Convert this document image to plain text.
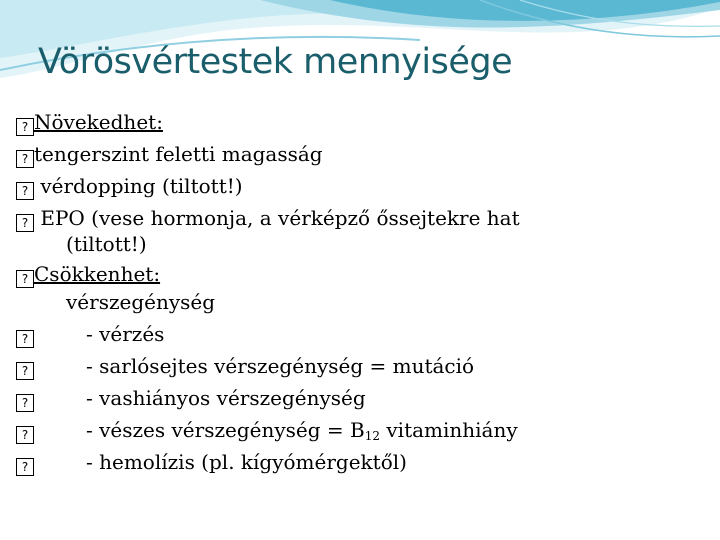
Vörösvértestek mennyisége
? Növekedhet:
? tengerszint feletti magasság
? vérdopping (tiltott!)
? EPO (vese hormonja, a vérképző őssejtekre hat
(tiltott!)
? Csökkenhet:
vérszegénység
?	- vérzés
?	- sarlósejtes vérszegénység = mutáció
?	- vashiányos vérszegénység
?	- vészes vérszegénység = $B_{12}$ vitaminhiány
?	- hemolízis (pl. kígyómérgektől)
